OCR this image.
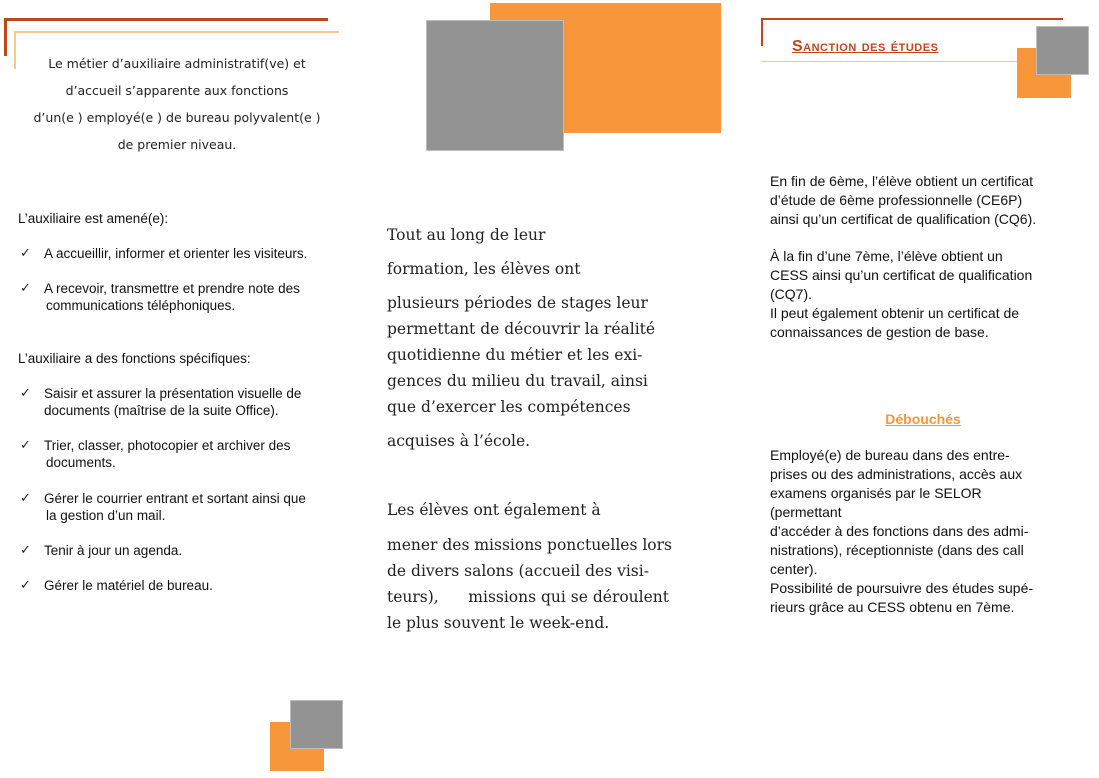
Le métier d’auxiliaire administratif(ve) et
d’accueil s’apparente aux fonctions
d’un(e ) employé(e ) de bureau polyvalent(e )
de premier niveau.
L’auxiliaire est amené(e):
✓ A accueillir, informer et orienter les visiteurs.
✓ A recevoir, transmettre et prendre note des
communications téléphoniques.
L’auxiliaire a des fonctions spécifiques:
✓ Saisir et assurer la présentation visuelle de
documents (maîtrise de la suite Office).
✓ Trier, classer, photocopier et archiver des
documents.
✓ Gérer le courrier entrant et sortant ainsi que
la gestion d’un mail.
✓ Tenir à jour un agenda.
✓ Gérer le matériel de bureau.
Tout au long de leur
formation, les élèves ont
plusieurs périodes de stages leur
permettant de découvrir la réalité
quotidienne du métier et les exi-
gences du milieu du travail, ainsi
que d’exercer les compétences
acquises à l’école.
Les élèves ont également à
mener des missions ponctuelles lors
de divers salons (accueil des visi-
teurs),      missions qui se déroulent
le plus souvent le week-end.
Sanction des études
En fin de 6ème, l’élève obtient un certificat
d’étude de 6ème professionnelle (CE6P)
ainsi qu’un certificat de qualification (CQ6).
À la fin d’une 7ème, l’élève obtient un
CESS ainsi qu’un certificat de qualification
(CQ7).
Il peut également obtenir un certificat de
connaissances de gestion de base.
Débouchés
Employé(e) de bureau dans des entre-
prises ou des administrations, accès aux
examens organisés par le SELOR
(permettant
d’accéder à des fonctions dans des admi-
nistrations), réceptionniste (dans des call
center).
Possibilité de poursuivre des études supé-
rieurs grâce au CESS obtenu en 7ème.
